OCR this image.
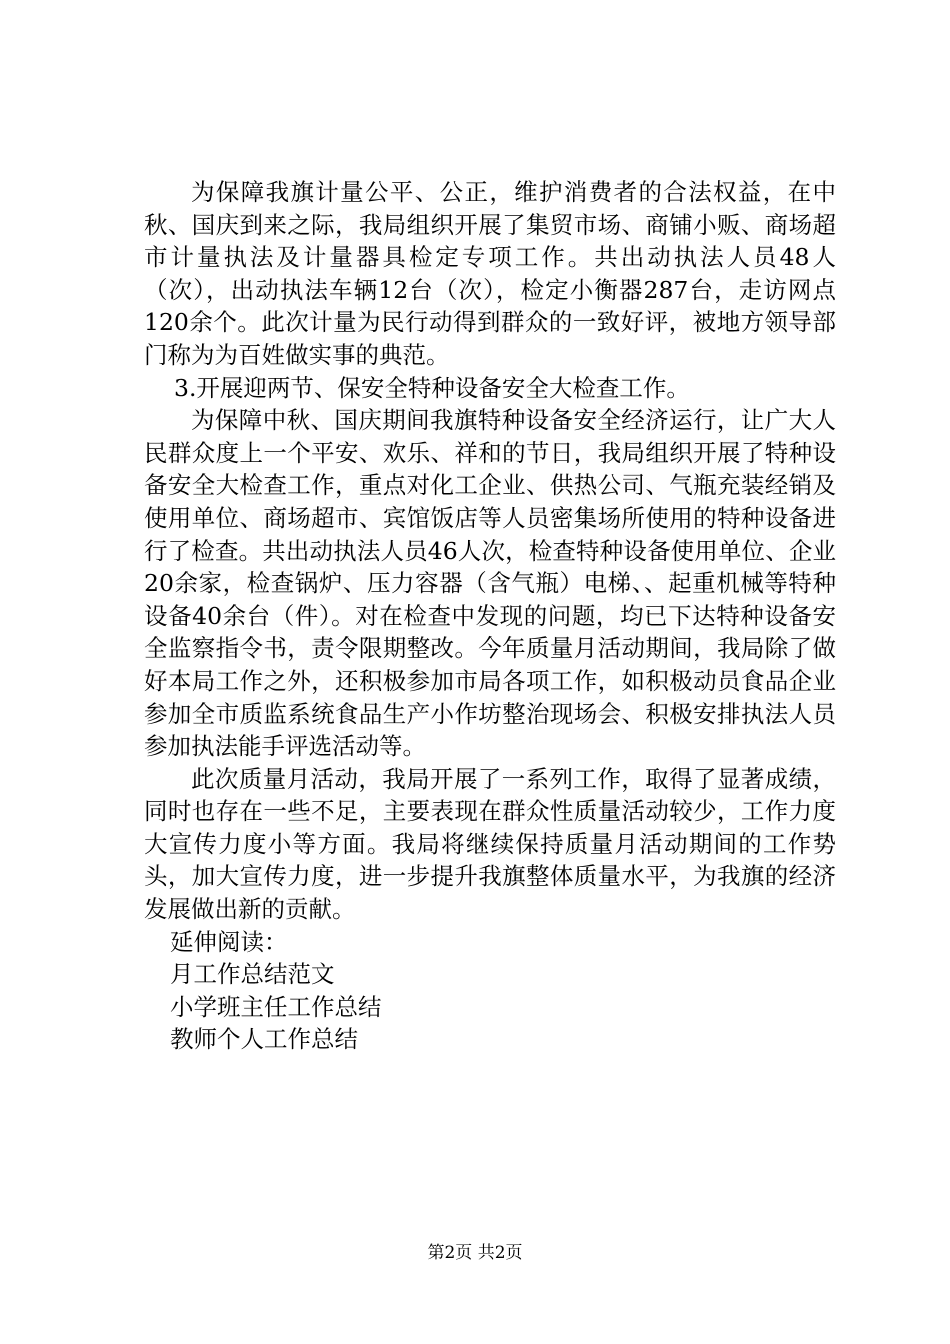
为保障我旗计量公平、公正，维护消费者的合法权益，在中秋、国庆到来之际，我局组织开展了集贸市场、商铺小贩、商场超市计量执法及计量器具检定专项工作。共出动执法人员48人（次），出动执法车辆12台（次），检定小衡器287台，走访网点120余个。此次计量为民行动得到群众的一致好评，被地方领导部门称为为百姓做实事的典范。

3.开展迎两节、保安全特种设备安全大检查工作。

为保障中秋、国庆期间我旗特种设备安全经济运行，让广大人民群众度上一个平安、欢乐、祥和的节日，我局组织开展了特种设备安全大检查工作，重点对化工企业、供热公司、气瓶充装经销及使用单位、商场超市、宾馆饭店等人员密集场所使用的特种设备进行了检查。共出动执法人员46人次，检查特种设备使用单位、企业20余家，检查锅炉、压力容器（含气瓶）电梯、、起重机械等特种设备40余台（件）。对在检查中发现的问题，均已下达特种设备安全监察指令书，责令限期整改。今年质量月活动期间，我局除了做好本局工作之外，还积极参加市局各项工作，如积极动员食品企业参加全市质监系统食品生产小作坊整治现场会、积极安排执法人员参加执法能手评选活动等。

此次质量月活动，我局开展了一系列工作，取得了显著成绩，同时也存在一些不足，主要表现在群众性质量活动较少，工作力度大宣传力度小等方面。我局将继续保持质量月活动期间的工作势头，加大宣传力度，进一步提升我旗整体质量水平，为我旗的经济发展做出新的贡献。

延伸阅读：

月工作总结范文
小学班主任工作总结
教师个人工作总结
第2页 共2页
